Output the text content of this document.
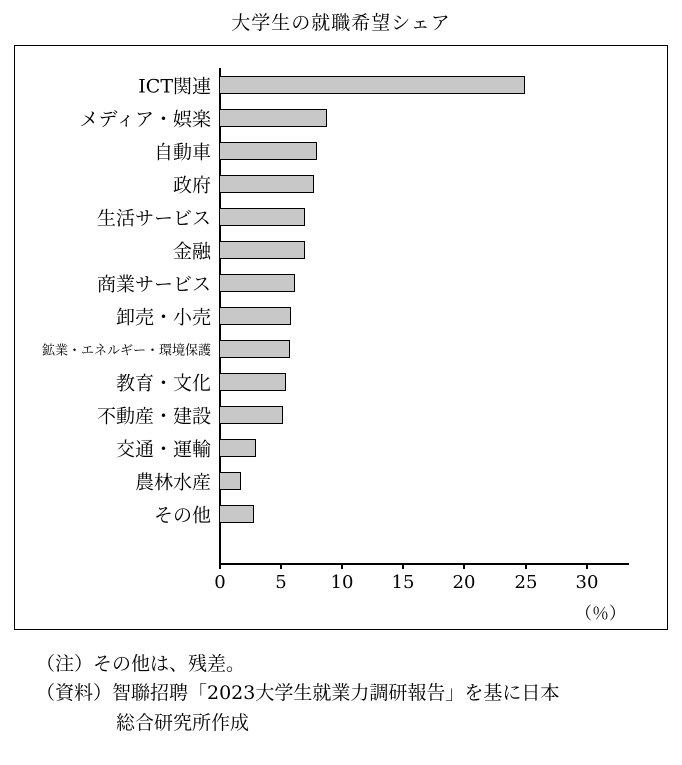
大学生の就職希望シェア
ICT関連
メディア・娯楽
自動車
政府
生活サービス
金融
商業サービス
卸売・小売
鉱業・エネルギー・環境保護
教育・文化
不動産・建設
交通・運輸
農林水産
その他
0	5 10 15 20 25 30
（％）
（注）その他は、残差。
（資料）智聯招聘「2023大学生就業力調研報告」を基に日本
総合研究所作成
